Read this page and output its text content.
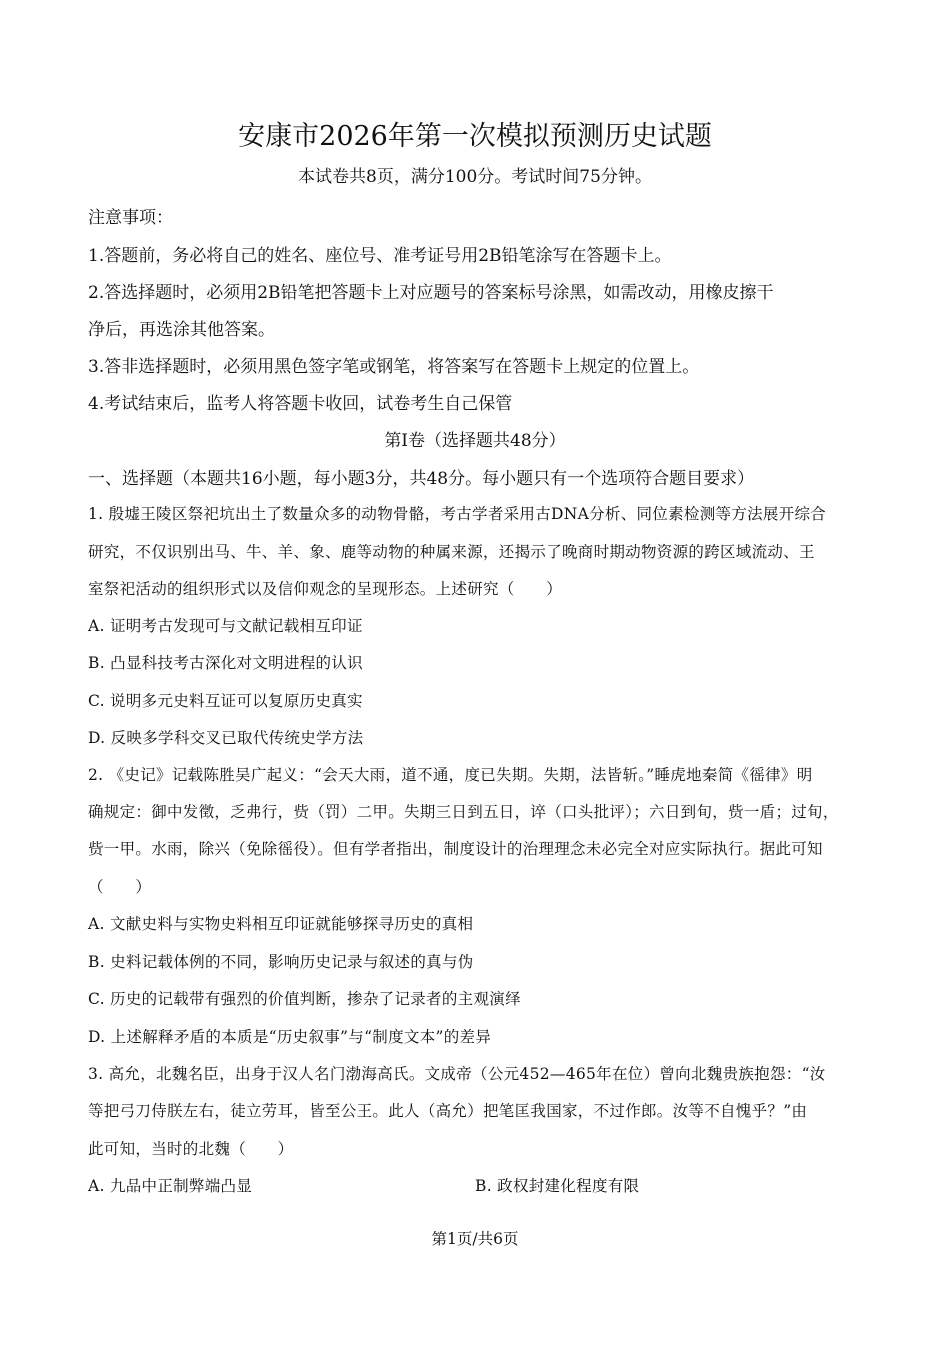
安康市2026年第一次模拟预测历史试题
本试卷共8页，满分100分。考试时间75分钟。
注意事项：
1.答题前，务必将自己的姓名、座位号、准考证号用2B铅笔涂写在答题卡上。
2.答选择题时，必须用2B铅笔把答题卡上对应题号的答案标号涂黑，如需改动，用橡皮擦干
净后，再选涂其他答案。
3.答非选择题时，必须用黑色签字笔或钢笔，将答案写在答题卡上规定的位置上。
4.考试结束后，监考人将答题卡收回，试卷考生自己保管
第Ⅰ卷（选择题共48分）
一、选择题（本题共16小题，每小题3分，共48分。每小题只有一个选项符合题目要求）
1. 殷墟王陵区祭祀坑出土了数量众多的动物骨骼，考古学者采用古DNA分析、同位素检测等方法展开综合
研究，不仅识别出马、牛、羊、象、鹿等动物的种属来源，还揭示了晚商时期动物资源的跨区域流动、王
室祭祀活动的组织形式以及信仰观念的呈现形态。上述研究（　　）
A. 证明考古发现可与文献记载相互印证
B. 凸显科技考古深化对文明进程的认识
C. 说明多元史料互证可以复原历史真实
D. 反映多学科交叉已取代传统史学方法
2. 《史记》记载陈胜吴广起义：“会天大雨，道不通，度已失期。失期，法皆斩。”睡虎地秦简《徭律》明
确规定：御中发徵，乏弗行，赀（罚）二甲。失期三日到五日，谇（口头批评）；六日到旬，赀一盾；过旬，
赀一甲。水雨，除兴（免除徭役）。但有学者指出，制度设计的治理理念未必完全对应实际执行。据此可知
（　　）
A. 文献史料与实物史料相互印证就能够探寻历史的真相
B. 史料记载体例的不同，影响历史记录与叙述的真与伪
C. 历史的记载带有强烈的价值判断，掺杂了记录者的主观演绎
D. 上述解释矛盾的本质是“历史叙事”与“制度文本”的差异
3. 高允，北魏名臣，出身于汉人名门渤海高氏。文成帝（公元452—465年在位）曾向北魏贵族抱怨：“汝
等把弓刀侍朕左右，徒立劳耳，皆至公王。此人（高允）把笔匡我国家，不过作郎。汝等不自愧乎？”由
此可知，当时的北魏（　　）
A. 九品中正制弊端凸显	B. 政权封建化程度有限
第1页/共6页
